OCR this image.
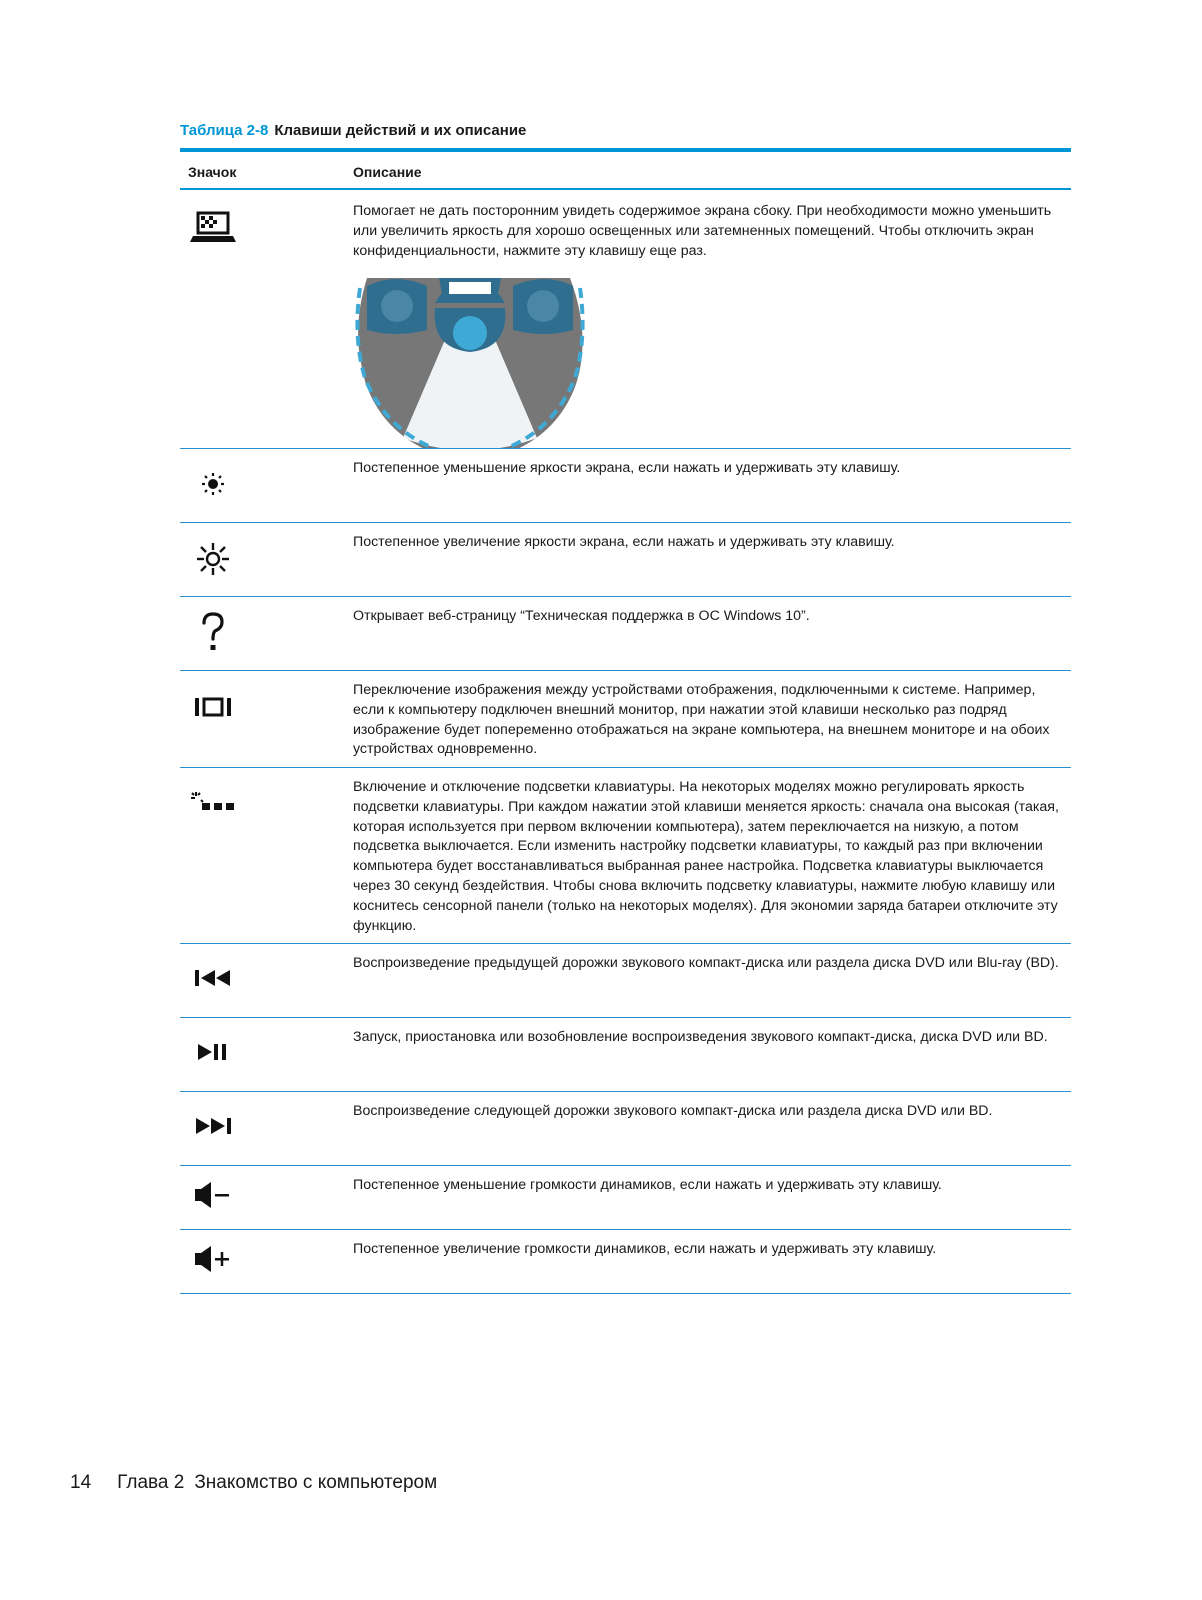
Таблица 2-8 Клавиши действий и их описание
Значок	Описание
Помогает не дать посторонним увидеть содержимое экрана сбоку. При необходимости можно уменьшить или увеличить яркость для хорошо освещенных или затемненных помещений. Чтобы отключить экран конфиденциальности, нажмите эту клавишу еще раз.
Постепенное уменьшение яркости экрана, если нажать и удерживать эту клавишу.
Постепенное увеличение яркости экрана, если нажать и удерживать эту клавишу.
Открывает веб-страницу “Техническая поддержка в ОС Windows 10”.
Переключение изображения между устройствами отображения, подключенными к системе. Например, если к компьютеру подключен внешний монитор, при нажатии этой клавиши несколько раз подряд изображение будет попеременно отображаться на экране компьютера, на внешнем мониторе и на обоих устройствах одновременно.
Включение и отключение подсветки клавиатуры. На некоторых моделях можно регулировать яркость подсветки клавиатуры. При каждом нажатии этой клавиши меняется яркость: сначала она высокая (такая, которая используется при первом включении компьютера), затем переключается на низкую, а потом подсветка выключается. Если изменить настройку подсветки клавиатуры, то каждый раз при включении компьютера будет восстанавливаться выбранная ранее настройка. Подсветка клавиатуры выключается через 30 секунд бездействия. Чтобы снова включить подсветку клавиатуры, нажмите любую клавишу или коснитесь сенсорной панели (только на некоторых моделях). Для экономии заряда батареи отключите эту функцию.
Воспроизведение предыдущей дорожки звукового компакт-диска или раздела диска DVD или Blu-ray (BD).
Запуск, приостановка или возобновление воспроизведения звукового компакт-диска, диска DVD или BD.
Воспроизведение следующей дорожки звукового компакт-диска или раздела диска DVD или BD.
Постепенное уменьшение громкости динамиков, если нажать и удерживать эту клавишу.
Постепенное увеличение громкости динамиков, если нажать и удерживать эту клавишу.
14 Глава 2 Знакомство с компьютером
